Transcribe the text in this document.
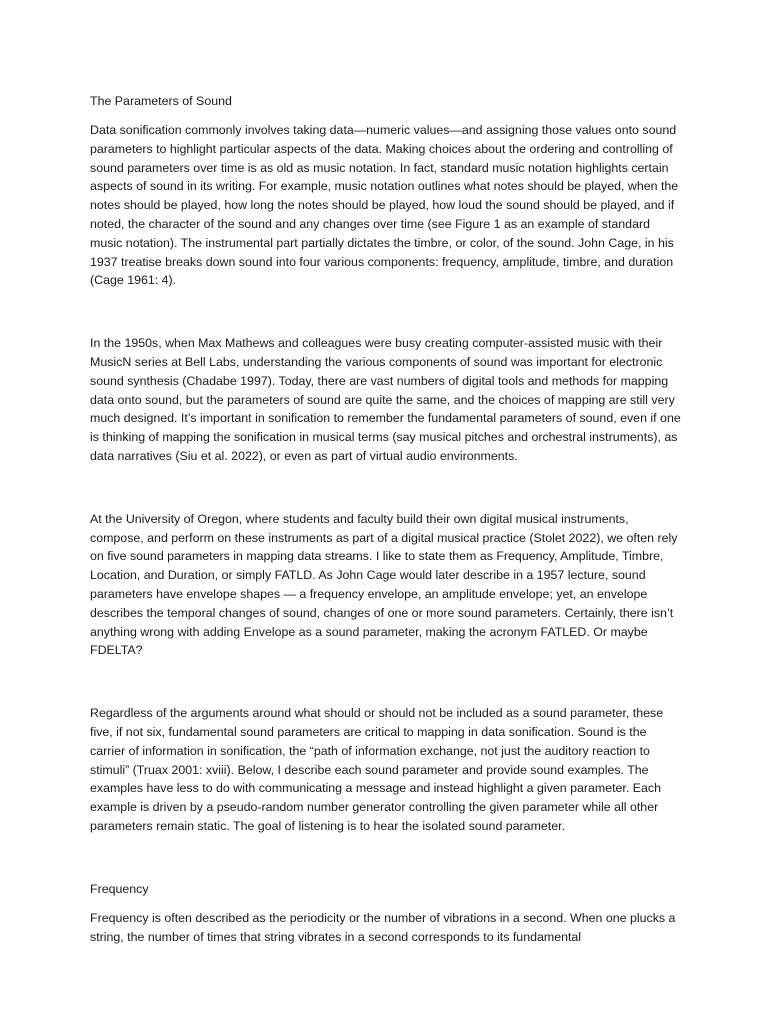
The Parameters of Sound

Data sonification commonly involves taking data—numeric values—and assigning those values onto sound parameters to highlight particular aspects of the data. Making choices about the ordering and controlling of sound parameters over time is as old as music notation. In fact, standard music notation highlights certain aspects of sound in its writing. For example, music notation outlines what notes should be played, when the notes should be played, how long the notes should be played, how loud the sound should be played, and if noted, the character of the sound and any changes over time (see Figure 1 as an example of standard music notation). The instrumental part partially dictates the timbre, or color, of the sound. John Cage, in his 1937 treatise breaks down sound into four various components: frequency, amplitude, timbre, and duration (Cage 1961: 4).

In the 1950s, when Max Mathews and colleagues were busy creating computer-assisted music with their MusicN series at Bell Labs, understanding the various components of sound was important for electronic sound synthesis (Chadabe 1997). Today, there are vast numbers of digital tools and methods for mapping data onto sound, but the parameters of sound are quite the same, and the choices of mapping are still very much designed. It’s important in sonification to remember the fundamental parameters of sound, even if one is thinking of mapping the sonification in musical terms (say musical pitches and orchestral instruments), as data narratives (Siu et al. 2022), or even as part of virtual audio environments.

At the University of Oregon, where students and faculty build their own digital musical instruments, compose, and perform on these instruments as part of a digital musical practice (Stolet 2022), we often rely on five sound parameters in mapping data streams. I like to state them as Frequency, Amplitude, Timbre, Location, and Duration, or simply FATLD. As John Cage would later describe in a 1957 lecture, sound parameters have envelope shapes — a frequency envelope, an amplitude envelope; yet, an envelope describes the temporal changes of sound, changes of one or more sound parameters. Certainly, there isn’t anything wrong with adding Envelope as a sound parameter, making the acronym FATLED. Or maybe FDELTA?

Regardless of the arguments around what should or should not be included as a sound parameter, these five, if not six, fundamental sound parameters are critical to mapping in data sonification. Sound is the carrier of information in sonification, the “path of information exchange, not just the auditory reaction to stimuli” (Truax 2001: xviii). Below, I describe each sound parameter and provide sound examples. The examples have less to do with communicating a message and instead highlight a given parameter. Each example is driven by a pseudo-random number generator controlling the given parameter while all other parameters remain static. The goal of listening is to hear the isolated sound parameter.

Frequency

Frequency is often described as the periodicity or the number of vibrations in a second. When one plucks a string, the number of times that string vibrates in a second corresponds to its fundamental
